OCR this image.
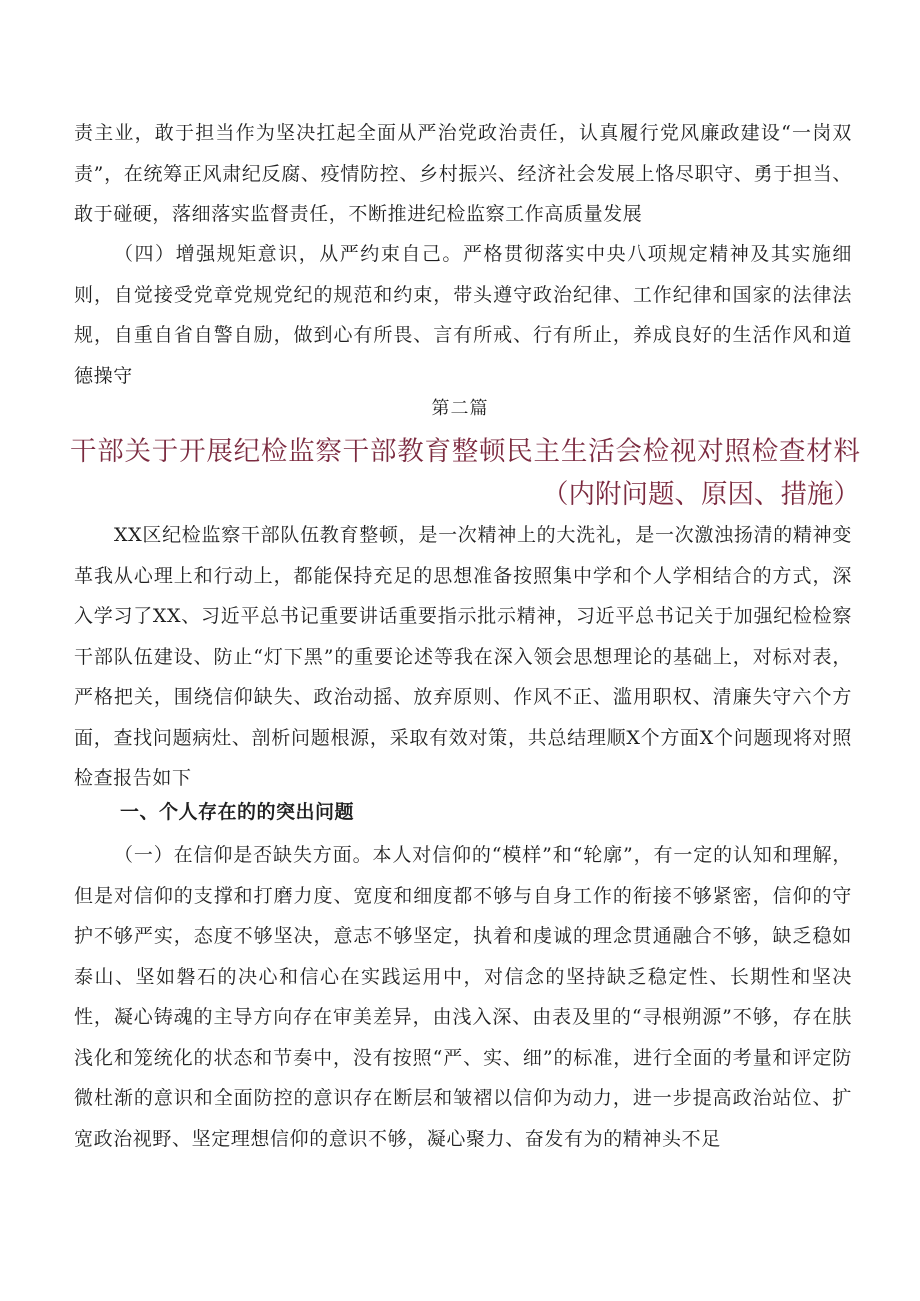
责主业，敢于担当作为坚决扛起全面从严治党政治责任，认真履行党风廉政建设“一岗双责”，在统筹正风肃纪反腐、疫情防控、乡村振兴、经济社会发展上恪尽职守、勇于担当、敢于碰硬，落细落实监督责任，不断推进纪检监察工作高质量发展

（四）增强规矩意识，从严约束自己。严格贯彻落实中央八项规定精神及其实施细则，自觉接受党章党规党纪的规范和约束，带头遵守政治纪律、工作纪律和国家的法律法规，自重自省自警自励，做到心有所畏、言有所戒、行有所止，养成良好的生活作风和道德操守

第二篇

干部关于开展纪检监察干部教育整顿民主生活会检视对照检查材料（内附问题、原因、措施）

XX区纪检监察干部队伍教育整顿，是一次精神上的大洗礼，是一次激浊扬清的精神变革我从心理上和行动上，都能保持充足的思想准备按照集中学和个人学相结合的方式，深入学习了XX、习近平总书记重要讲话重要指示批示精神，习近平总书记关于加强纪检检察干部队伍建设、防止“灯下黑”的重要论述等我在深入领会思想理论的基础上，对标对表，严格把关，围绕信仰缺失、政治动摇、放弃原则、作风不正、滥用职权、清廉失守六个方面，查找问题病灶、剖析问题根源，采取有效对策，共总结理顺X个方面X个问题现将对照检查报告如下

一、个人存在的的突出问题

（一）在信仰是否缺失方面。本人对信仰的“模样”和“轮廓”，有一定的认知和理解，但是对信仰的支撑和打磨力度、宽度和细度都不够与自身工作的衔接不够紧密，信仰的守护不够严实，态度不够坚决，意志不够坚定，执着和虔诚的理念贯通融合不够，缺乏稳如泰山、坚如磐石的决心和信心在实践运用中，对信念的坚持缺乏稳定性、长期性和坚决性，凝心铸魂的主导方向存在审美差异，由浅入深、由表及里的“寻根朔源”不够，存在肤浅化和笼统化的状态和节奏中，没有按照“严、实、细”的标准，进行全面的考量和评定防微杜渐的意识和全面防控的意识存在断层和皱褶以信仰为动力，进一步提高政治站位、扩宽政治视野、坚定理想信仰的意识不够，凝心聚力、奋发有为的精神头不足
